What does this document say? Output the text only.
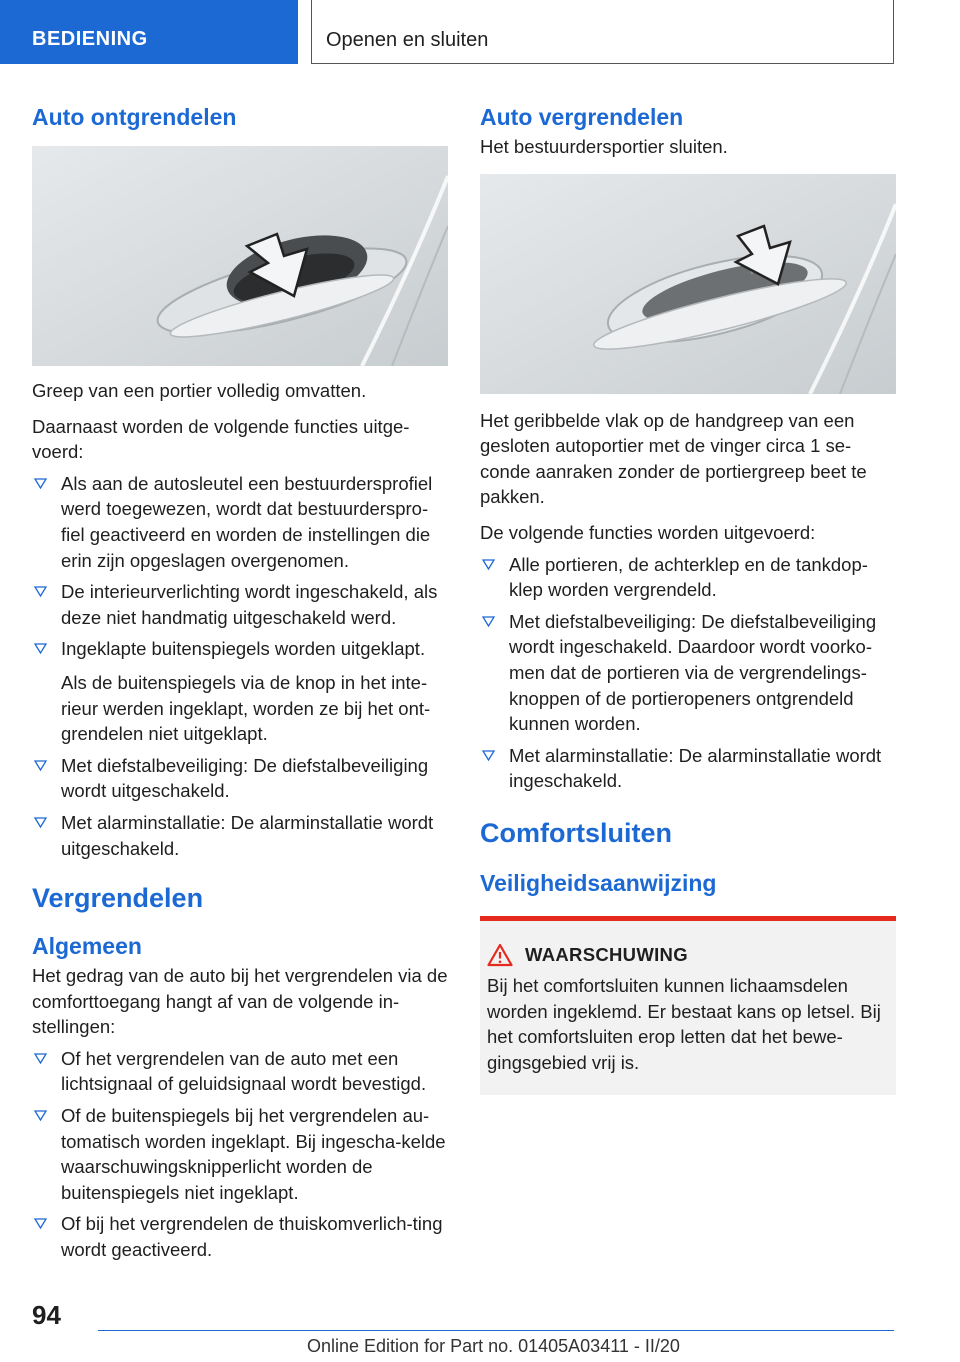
BEDIENING	Openen en sluiten
Auto ontgrendelen

Greep van een portier volledig omvatten.

Daarnaast worden de volgende functies uitge-voerd:

Als aan de autosleutel een bestuurdersprofiel werd toegewezen, wordt dat bestuurderspro-fiel geactiveerd en worden de instellingen die erin zijn opgeslagen overgenomen.
De interieurverlichting wordt ingeschakeld, als deze niet handmatig uitgeschakeld werd.
Ingeklapte buitenspiegels worden uitgeklapt.

Als de buitenspiegels via de knop in het inte-rieur werden ingeklapt, worden ze bij het ont-grendelen niet uitgeklapt.

Met diefstalbeveiliging: De diefstalbeveiliging wordt uitgeschakeld.
Met alarminstallatie: De alarminstallatie wordt uitgeschakeld.
Vergrendelen
Algemeen

Het gedrag van de auto bij het vergrendelen via de comforttoegang hangt af van de volgende in-stellingen:

Of het vergrendelen van de auto met een lichtsignaal of geluidsignaal wordt bevestigd.
Of de buitenspiegels bij het vergrendelen au-tomatisch worden ingeklapt. Bij ingescha-kelde waarschuwingsknipperlicht worden de buitenspiegels niet ingeklapt.
Of bij het vergrendelen de thuiskomverlich-ting wordt geactiveerd.
Auto vergrendelen

Het bestuurdersportier sluiten.

Het geribbelde vlak op de handgreep van een gesloten autoportier met de vinger circa 1 se-conde aanraken zonder de portiergreep beet te pakken.

De volgende functies worden uitgevoerd:

Alle portieren, de achterklep en de tankdop-klep worden vergrendeld.
Met diefstalbeveiliging: De diefstalbeveiliging wordt ingeschakeld. Daardoor wordt voorko-men dat de portieren via de vergrendelings-knoppen of de portieropeners ontgrendeld kunnen worden.
Met alarminstallatie: De alarminstallatie wordt ingeschakeld.
Comfortsluiten
Veiligheidsaanwijzing
WAARSCHUWING

Bij het comfortsluiten kunnen lichaamsdelen worden ingeklemd. Er bestaat kans op letsel. Bij het comfortsluiten erop letten dat het bewe-gingsgebied vrij is.

94
Online Edition for Part no. 01405A03411 - II/20
